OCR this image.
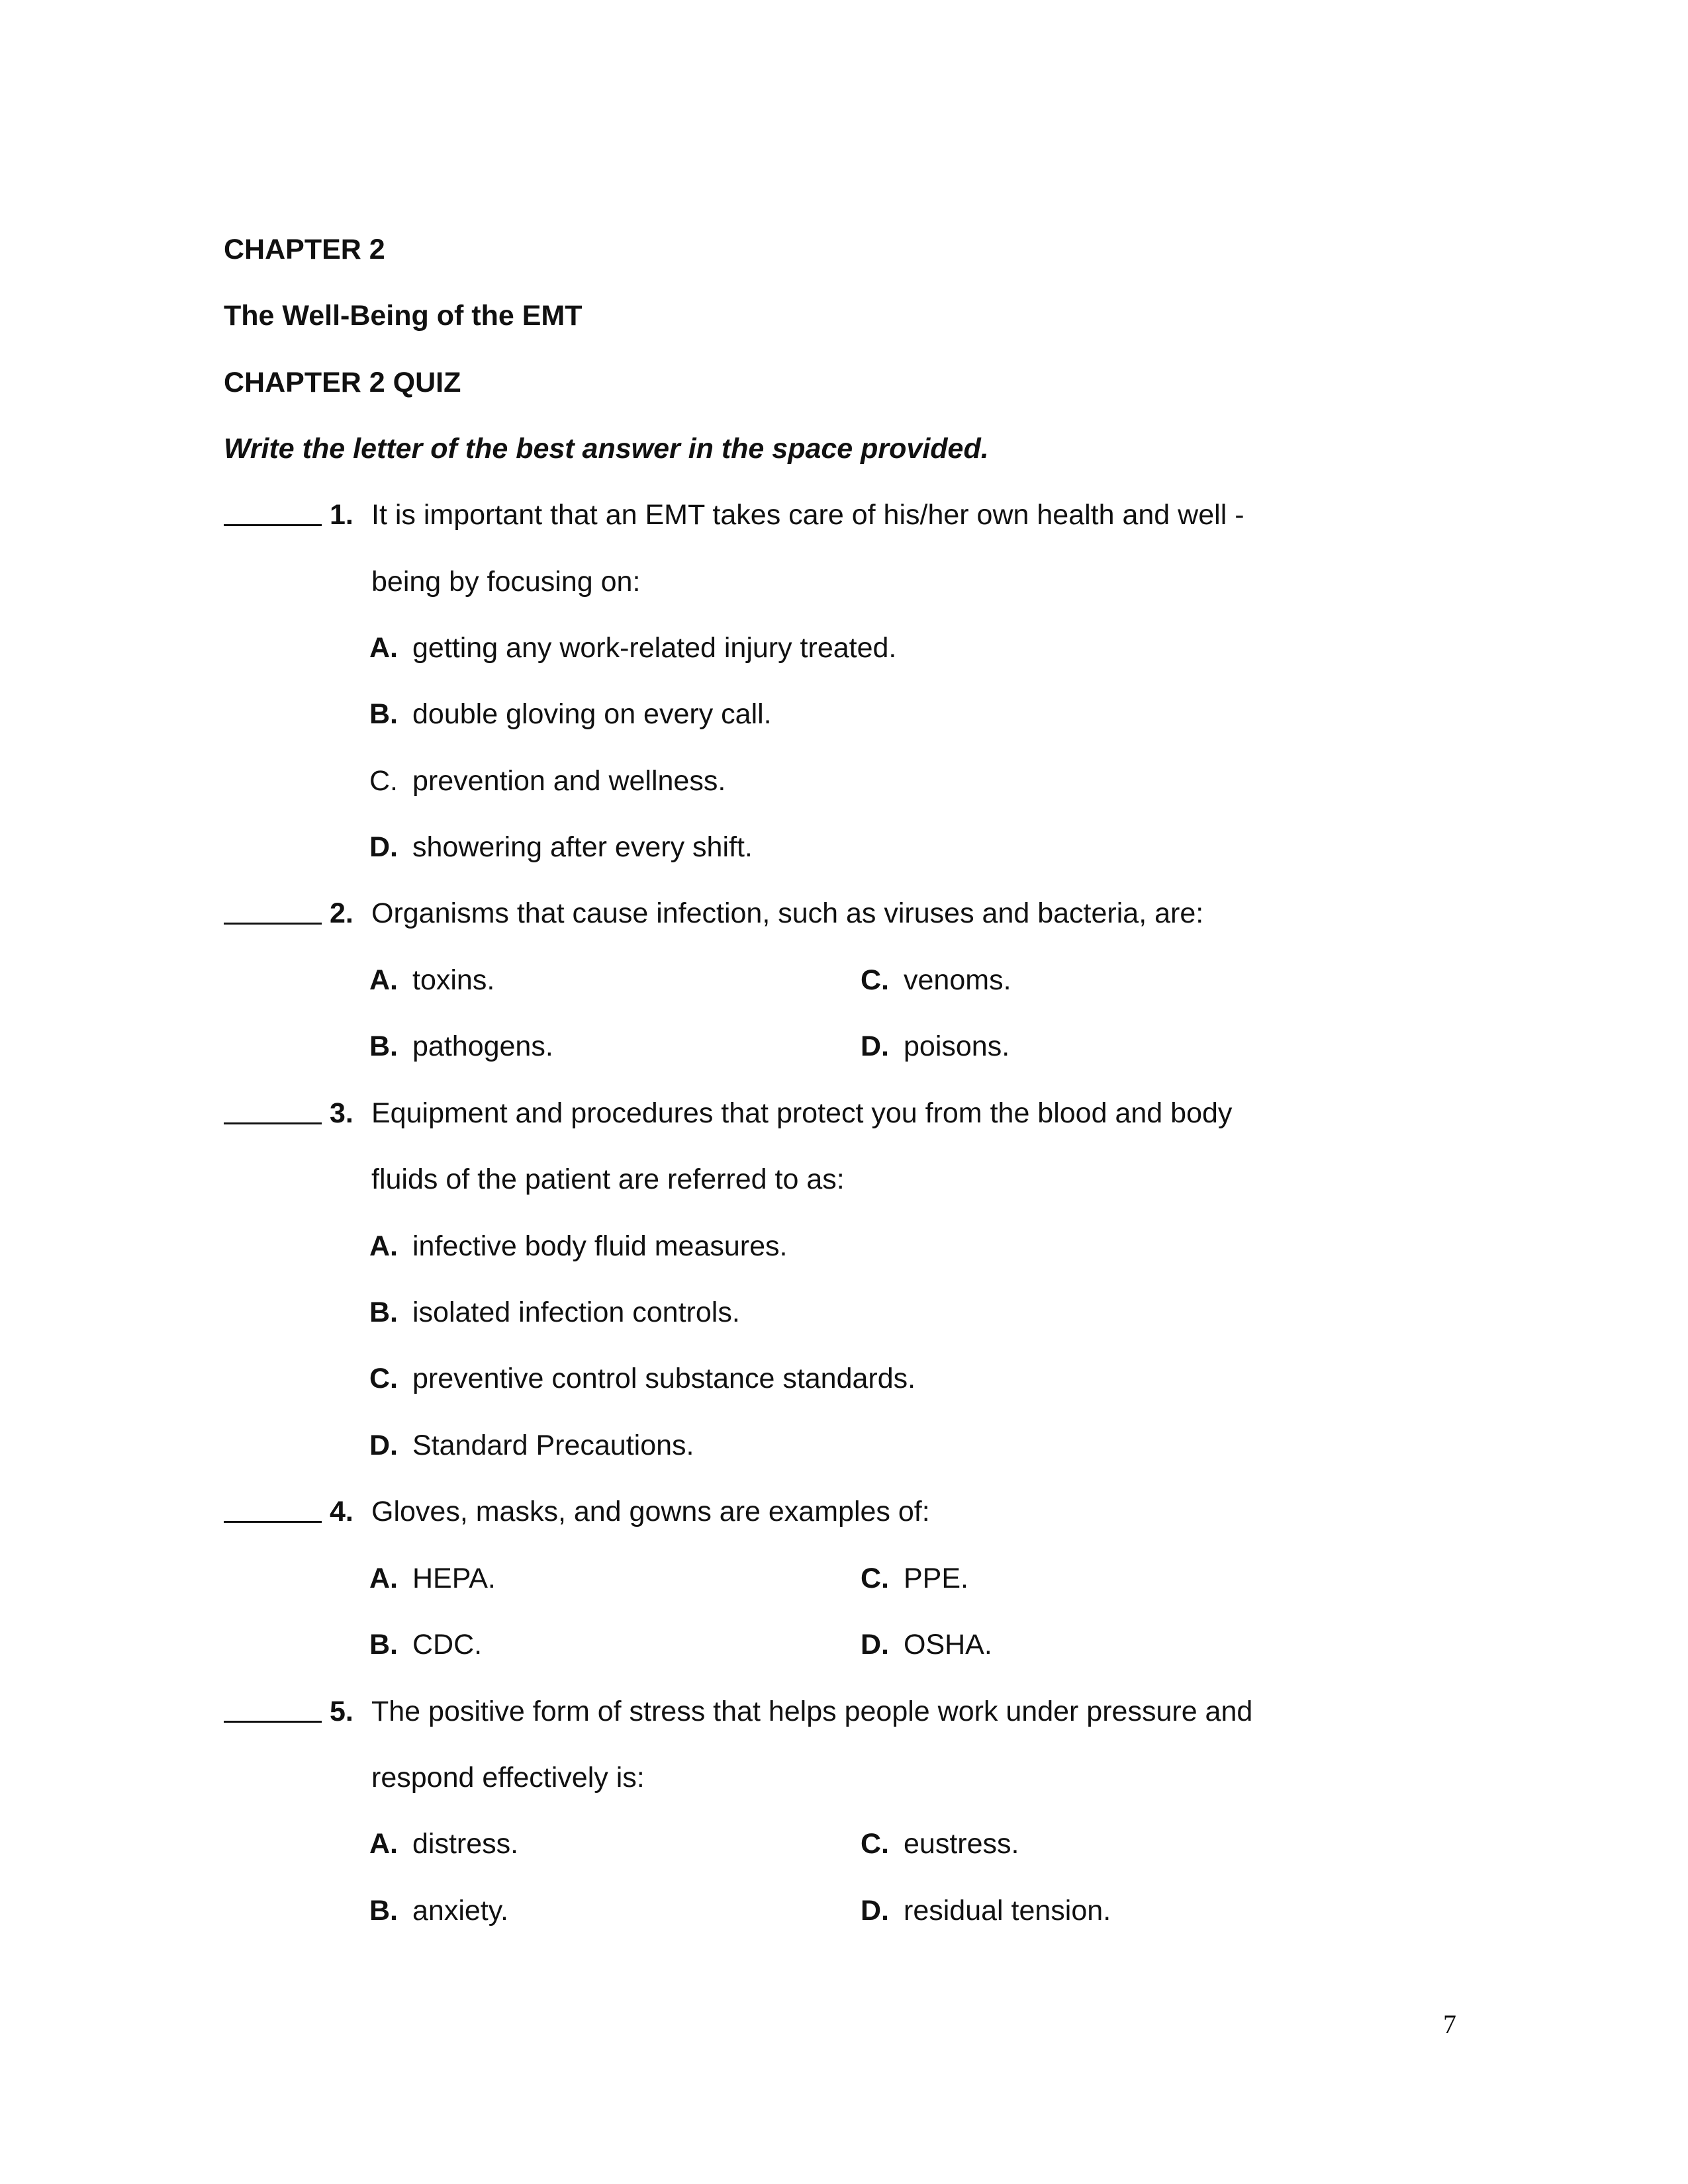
CHAPTER 2
The Well-Being of the EMT
CHAPTER 2 QUIZ
Write the letter of the best answer in the space provided.
1. It is important that an EMT takes care of his/her own health and well -
being by focusing on:
A. getting any work-related injury treated.
B. double gloving on every call.
C. prevention and wellness.
D. showering after every shift.
2. Organisms that cause infection, such as viruses and bacteria, are:
A. toxins.	C. venoms.
B. pathogens.	D. poisons.
3. Equipment and procedures that protect you from the blood and body
fluids of the patient are referred to as:
A. infective body fluid measures.
B. isolated infection controls.
C. preventive control substance standards.
D. Standard Precautions.
4. Gloves, masks, and gowns are examples of:
A. HEPA.	C. PPE.
B. CDC.	D. OSHA.
5. The positive form of stress that helps people work under pressure and
respond effectively is:
A. distress.	C. eustress.
B. anxiety.	D. residual tension.
7
